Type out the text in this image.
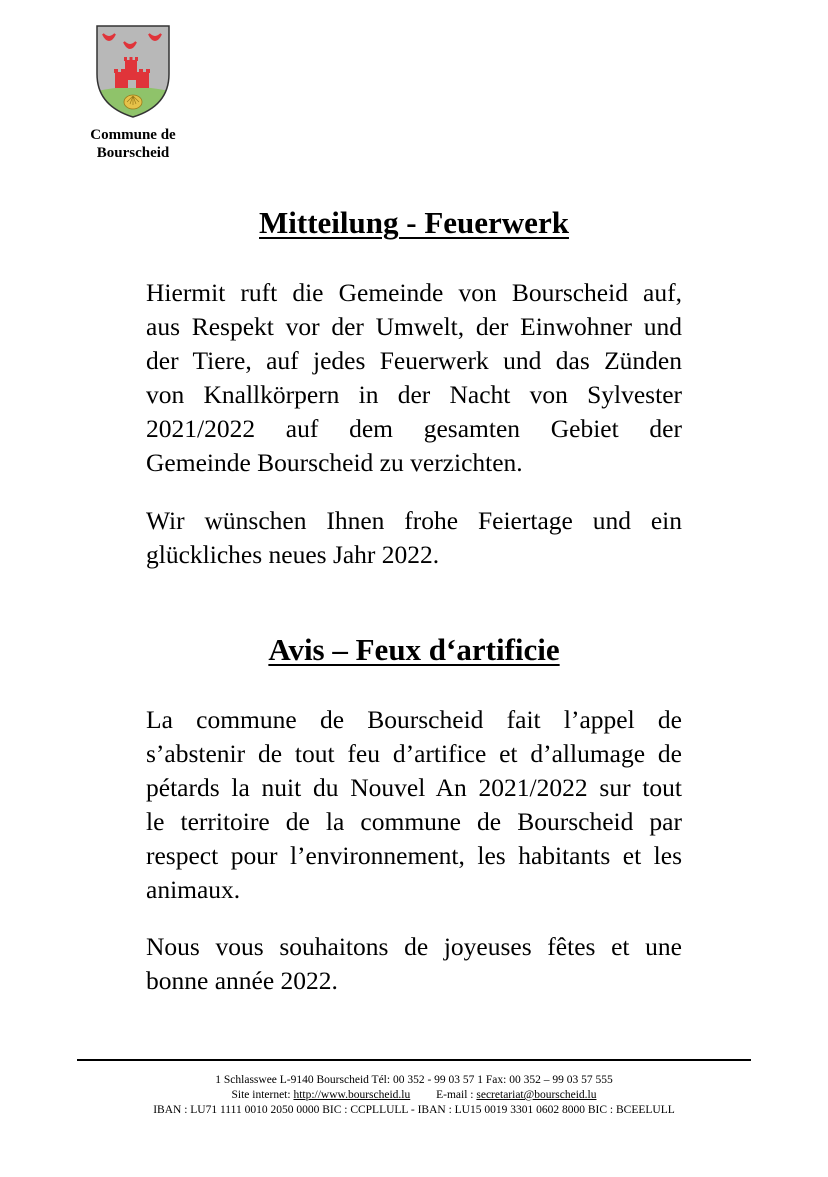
Commune de
Bourscheid
Mitteilung - Feuerwerk

Hiermit ruft die Gemeinde von Bourscheid auf,
aus Respekt vor der Umwelt, der Einwohner und
der Tiere, auf jedes Feuerwerk und das Zünden
von Knallkörpern in der Nacht von Sylvester
2021/2022 auf dem gesamten Gebiet der
Gemeinde Bourscheid zu verzichten.

Wir wünschen Ihnen frohe Feiertage und ein
glückliches neues Jahr 2022.

Avis – Feux d‘artificie

La commune de Bourscheid fait l’appel de
s’abstenir de tout feu d’artifice et d’allumage de
pétards la nuit du Nouvel An 2021/2022 sur tout
le territoire de la commune de Bourscheid par
respect pour l’environnement, les habitants et les
animaux.

Nous vous souhaitons de joyeuses fêtes et une
bonne année 2022.

1 Schlasswee L-9140 Bourscheid Tél: 00 352 - 99 03 57 1 Fax: 00 352 – 99 03 57 555
Site internet: http://www.bourscheid.lu E-mail : secretariat@bourscheid.lu
IBAN : LU71 1111 0010 2050 0000 BIC : CCPLLULL - IBAN : LU15 0019 3301 0602 8000 BIC : BCEELULL
